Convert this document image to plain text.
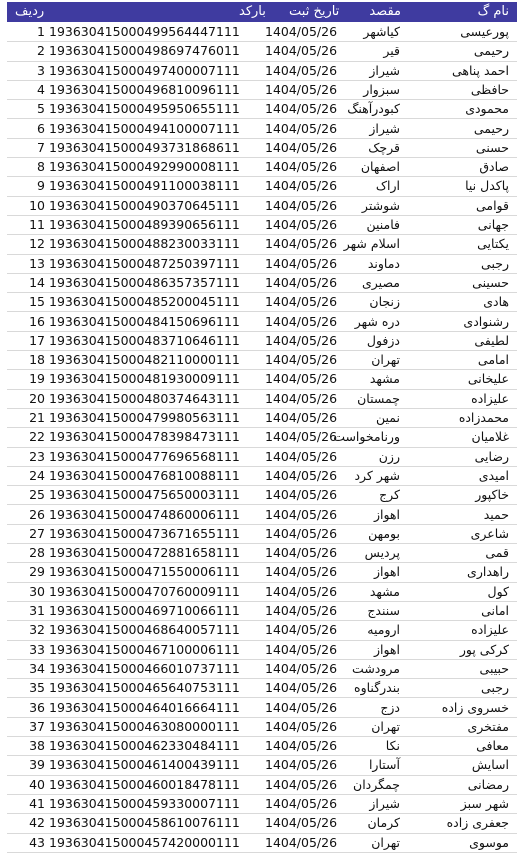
نام گ
مقصد
تاریخ ثبت
بارکد
ردیف
پورعیسی
کیاشهر
1404/05/26
193630415000499564447111
1
رحیمی
قیر
1404/05/26
193630415000498697476011
2
احمد پناهی
شیراز
1404/05/26
193630415000497400007111
3
حافظی
سبزوار
1404/05/26
193630415000496810096111
4
محمودی
کبودرآهنگ
1404/05/26
193630415000495950655111
5
رحیمی
شیراز
1404/05/26
193630415000494100007111
6
حسنی
قرچک
1404/05/26
193630415000493731868611
7
صادق
اصفهان
1404/05/26
193630415000492990008111
8
پاکدل نیا
اراک
1404/05/26
193630415000491100038111
9
قوامی
شوشتر
1404/05/26
193630415000490370645111
10
جهانی
فامنین
1404/05/26
193630415000489390656111
11
یکتایی
اسلام شهر
1404/05/26
193630415000488230033111
12
رجبی
دماوند
1404/05/26
193630415000487250397111
13
حسینی
مصیری
1404/05/26
193630415000486357357111
14
هادی
زنجان
1404/05/26
193630415000485200045111
15
رشنوادی
دره شهر
1404/05/26
193630415000484150696111
16
لطیفی
دزفول
1404/05/26
193630415000483710646111
17
امامی
تهران
1404/05/26
193630415000482110000111
18
علیخانی
مشهد
1404/05/26
193630415000481930009111
19
علیزاده
چمستان
1404/05/26
193630415000480374643111
20
محمدزاده
نمین
1404/05/26
193630415000479980563111
21
غلامیان
ورنامخواست
1404/05/26
193630415000478398473111
22
رضایی
رزن
1404/05/26
193630415000477696568111
23
امیدی
شهر کرد
1404/05/26
193630415000476810088111
24
خاکپور
کرج
1404/05/26
193630415000475650003111
25
حمید
اهواز
1404/05/26
193630415000474860006111
26
شاعری
بومهن
1404/05/26
193630415000473671655111
27
قمی
پردیس
1404/05/26
193630415000472881658111
28
راهداری
اهواز
1404/05/26
193630415000471550006111
29
کول
مشهد
1404/05/26
193630415000470760009111
30
امانی
سنندج
1404/05/26
193630415000469710066111
31
علیزاده
ارومیه
1404/05/26
193630415000468640057111
32
کرکی پور
اهواز
1404/05/26
193630415000467100006111
33
حبیبی
مرودشت
1404/05/26
193630415000466010737111
34
رجبی
بندرگناوه
1404/05/26
193630415000465640753111
35
خسروی زاده
دزج
1404/05/26
193630415000464016664111
36
مفتخری
تهران
1404/05/26
193630415000463080000111
37
معافی
نکا
1404/05/26
193630415000462330484111
38
اسایش
آستارا
1404/05/26
193630415000461400439111
39
رمضانی
چمگردان
1404/05/26
193630415000460018478111
40
شهر سبز
شیراز
1404/05/26
193630415000459330007111
41
جعفری زاده
کرمان
1404/05/26
193630415000458610076111
42
موسوی
تهران
1404/05/26
193630415000457420000111
43
